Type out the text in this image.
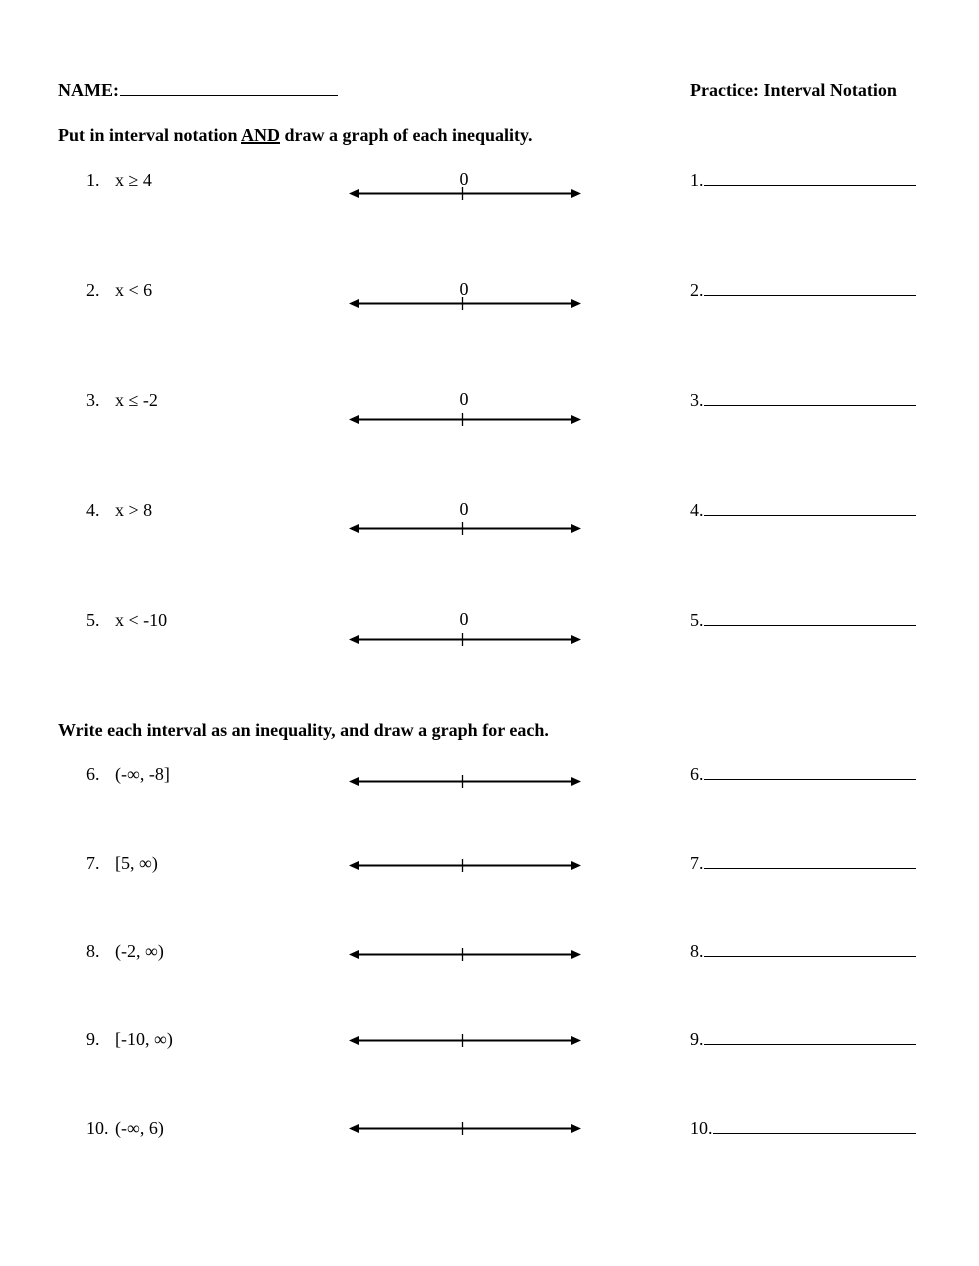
NAME:	Practice: Interval Notation
Put in interval notation AND draw a graph of each inequality.
1. x ≥ 4	0	1.
2. x < 6	0	2.
3. x ≤ -2	0	3.
4. x > 8	0	4.
5. x < -10	0	5.
Write each interval as an inequality, and draw a graph for each.
6. (-∞, -8]	6.
7. [5, ∞)	7.
8. (-2, ∞)	8.
9. [-10, ∞)	9.
10. (-∞, 6)	10.
